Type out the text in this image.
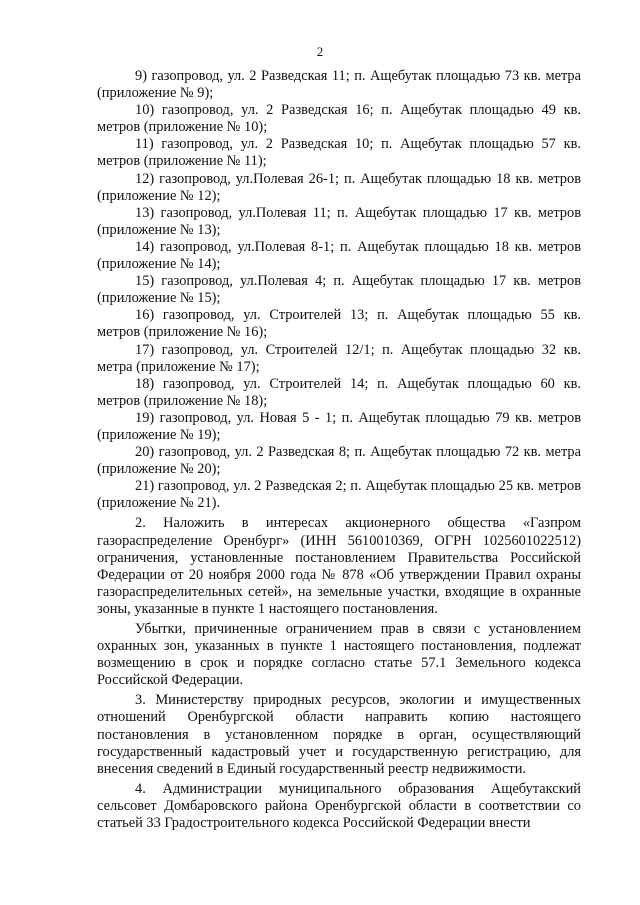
2

9) газопровод, ул. 2 Разведская 11; п. Ащебутак площадью 73 кв. метра (приложение № 9);

10) газопровод, ул. 2 Разведская 16; п. Ащебутак площадью 49 кв. метров (приложение № 10);

11) газопровод, ул. 2 Разведская 10; п. Ащебутак площадью 57 кв. метров (приложение № 11);

12) газопровод, ул.Полевая 26-1; п. Ащебутак площадью 18 кв. метров (приложение № 12);

13) газопровод, ул.Полевая 11; п. Ащебутак площадью 17 кв. метров (приложение № 13);

14) газопровод, ул.Полевая 8-1; п. Ащебутак площадью 18 кв. метров (приложение № 14);

15) газопровод, ул.Полевая 4; п. Ащебутак площадью 17 кв. метров (приложение № 15);

16) газопровод, ул. Строителей 13; п. Ащебутак площадью 55 кв. метров (приложение № 16);

17) газопровод, ул. Строителей 12/1; п. Ащебутак площадью 32 кв. метра (приложение № 17);

18) газопровод, ул. Строителей 14; п. Ащебутак площадью 60 кв. метров (приложение № 18);

19) газопровод, ул. Новая 5 - 1; п. Ащебутак площадью 79 кв. метров (приложение № 19);

20) газопровод, ул. 2 Разведская 8; п. Ащебутак площадью 72 кв. метра (приложение № 20);

21) газопровод, ул. 2 Разведская 2; п. Ащебутак площадью 25 кв. метров (приложение № 21).

2. Наложить в интересах акционерного общества «Газпром газораспределение Оренбург» (ИНН 5610010369, ОГРН 1025601022512) ограничения, установленные постановлением Правительства Российской Федерации от 20 ноября 2000 года № 878 «Об утверждении Правил охраны газораспределительных сетей», на земельные участки, входящие в охранные зоны, указанные в пункте 1 настоящего постановления.

Убытки, причиненные ограничением прав в связи с установлением охранных зон, указанных в пункте 1 настоящего постановления, подлежат возмещению в срок и порядке согласно статье 57.1 Земельного кодекса Российской Федерации.

3. Министерству природных ресурсов, экологии и имущественных отношений Оренбургской области направить копию настоящего постановления в установленном порядке в орган, осуществляющий государственный кадастровый учет и государственную регистрацию, для внесения сведений в Единый государственный реестр недвижимости.

4. Администрации муниципального образования Ащебутакский сельсовет Домбаровского района Оренбургской области в соответствии со статьей 33 Градостроительного кодекса Российской Федерации внести
